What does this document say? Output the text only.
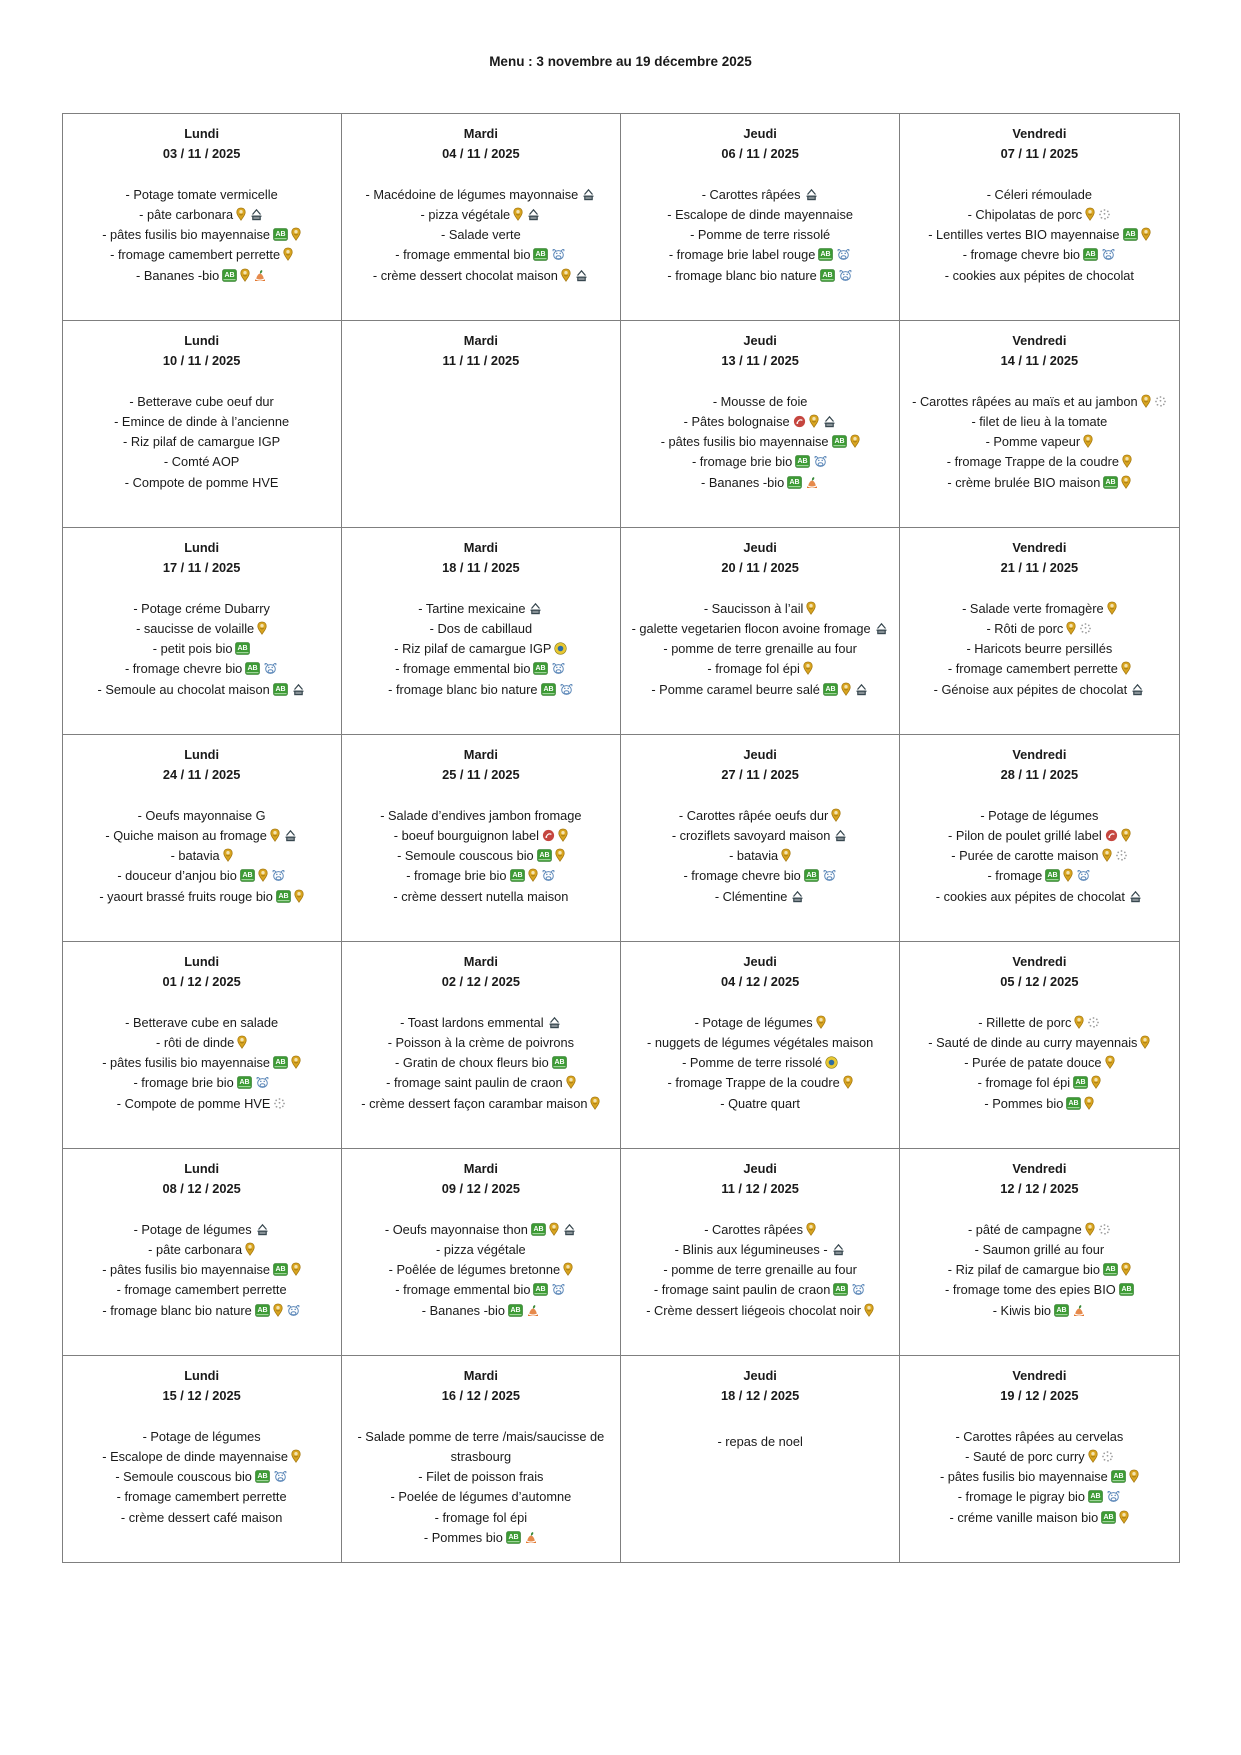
Menu : 3 novembre au 19 décembre 2025
Lundi
03 / 11 / 2025
- Potage tomate vermicelle
- pâte carbonara
- pâtes fusilis bio mayennaise AB
- fromage camembert perrette
- Bananes -bio AB

Mardi
04 / 11 / 2025
- Macédoine de légumes mayonnaise
- pizza végétale
- Salade verte
- fromage emmental bio AB
- crème dessert chocolat maison

Jeudi
06 / 11 / 2025
- Carottes râpées
- Escalope de dinde mayennaise
- Pomme de terre rissolé
- fromage brie label rouge AB
- fromage blanc bio nature AB

Vendredi
07 / 11 / 2025
- Céleri rémoulade
- Chipolatas de porc
- Lentilles vertes BIO mayennaise AB
- fromage chevre bio AB
- cookies aux pépites de chocolat

Lundi
10 / 11 / 2025
- Betterave cube oeuf dur
- Emince de dinde à l’ancienne
- Riz pilaf de camargue IGP
- Comté AOP
- Compote de pomme HVE

Mardi
11 / 11 / 2025

Jeudi
13 / 11 / 2025
- Mousse de foie
- Pâtes bolognaise
- pâtes fusilis bio mayennaise AB
- fromage brie bio AB
- Bananes -bio AB

Vendredi
14 / 11 / 2025
- Carottes râpées au maïs et au jambon
- filet de lieu à la tomate
- Pomme vapeur
- fromage Trappe de la coudre
- crème brulée BIO maison AB

Lundi
17 / 11 / 2025
- Potage créme Dubarry
- saucisse de volaille
- petit pois bio AB
- fromage chevre bio AB
- Semoule au chocolat maison AB

Mardi
18 / 11 / 2025
- Tartine mexicaine
- Dos de cabillaud
- Riz pilaf de camargue IGP
- fromage emmental bio AB
- fromage blanc bio nature AB

Jeudi
20 / 11 / 2025
- Saucisson à l’ail
- galette vegetarien flocon avoine fromage
- pomme de terre grenaille au four
- fromage fol épi
- Pomme caramel beurre salé AB

Vendredi
21 / 11 / 2025
- Salade verte fromagère
- Rôti de porc
- Haricots beurre persillés
- fromage camembert perrette
- Génoise aux pépites de chocolat

Lundi
24 / 11 / 2025
- Oeufs mayonnaise G
- Quiche maison au fromage
- batavia
- douceur d’anjou bio AB
- yaourt brassé fruits rouge bio AB

Mardi
25 / 11 / 2025
- Salade d’endives jambon fromage
- boeuf bourguignon label
- Semoule couscous bio AB
- fromage brie bio AB
- crème dessert nutella maison

Jeudi
27 / 11 / 2025
- Carottes râpée oeufs dur
- croziflets savoyard maison
- batavia
- fromage chevre bio AB
- Clémentine

Vendredi
28 / 11 / 2025
- Potage de légumes
- Pilon de poulet grillé label
- Purée de carotte maison
- fromage AB
- cookies aux pépites de chocolat

Lundi
01 / 12 / 2025
- Betterave cube en salade
- rôti de dinde
- pâtes fusilis bio mayennaise AB
- fromage brie bio AB
- Compote de pomme HVE

Mardi
02 / 12 / 2025
- Toast lardons emmental
- Poisson à la crème de poivrons
- Gratin de choux fleurs bio AB
- fromage saint paulin de craon
- crème dessert façon carambar maison

Jeudi
04 / 12 / 2025
- Potage de légumes
- nuggets de légumes végétales maison
- Pomme de terre rissolé
- fromage Trappe de la coudre
- Quatre quart

Vendredi
05 / 12 / 2025
- Rillette de porc
- Sauté de dinde au curry mayennais
- Purée de patate douce
- fromage fol épi AB
- Pommes bio AB

Lundi
08 / 12 / 2025
- Potage de légumes
- pâte carbonara
- pâtes fusilis bio mayennaise AB
- fromage camembert perrette
- fromage blanc bio nature AB

Mardi
09 / 12 / 2025
- Oeufs mayonnaise thon AB
- pizza végétale
- Poêlée de légumes bretonne
- fromage emmental bio AB
- Bananes -bio AB

Jeudi
11 / 12 / 2025
- Carottes râpées
- Blinis aux légumineuses -
- pomme de terre grenaille au four
- fromage saint paulin de craon AB
- Crème dessert liégeois chocolat noir

Vendredi
12 / 12 / 2025
- pâté de campagne
- Saumon grillé au four
- Riz pilaf de camargue bio AB
- fromage tome des epies BIO AB
- Kiwis bio AB

Lundi
15 / 12 / 2025
- Potage de légumes
- Escalope de dinde mayennaise
- Semoule couscous bio AB
- fromage camembert perrette
- crème dessert café maison

Mardi
16 / 12 / 2025
- Salade pomme de terre /mais/saucisse de strasbourg
- Filet de poisson frais
- Poelée de légumes d’automne
- fromage fol épi
- Pommes bio AB

Jeudi
18 / 12 / 2025
- repas de noel

Vendredi
19 / 12 / 2025
- Carottes râpées au cervelas
- Sauté de porc curry
- pâtes fusilis bio mayennaise AB
- fromage le pigray bio AB
- créme vanille maison bio AB
